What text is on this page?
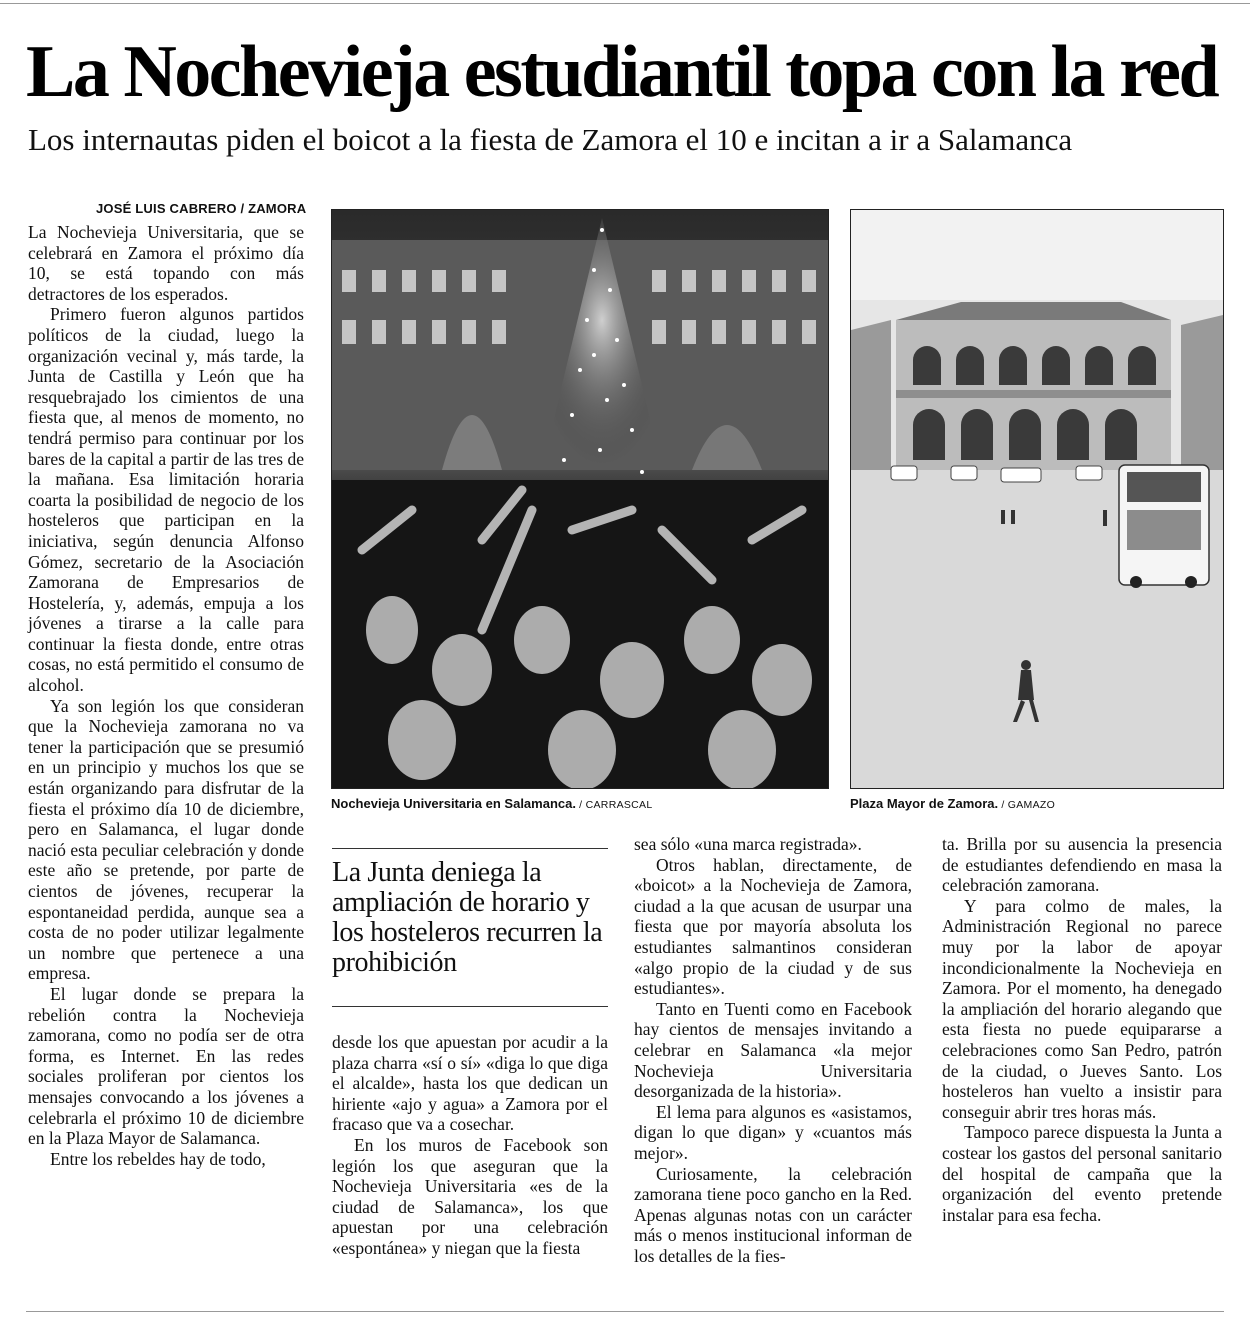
La Nochevieja estudiantil topa con la red
Los internautas piden el boicot a la fiesta de Zamora el 10 e incitan a ir a Salamanca
JOSÉ LUIS CABRERO / ZAMORA

La Nochevieja Universitaria, que se celebrará en Zamora el próximo día 10, se está topando con más detractores de los esperados.

Primero fueron algunos partidos políticos de la ciudad, luego la organización vecinal y, más tarde, la Junta de Castilla y León que ha resquebrajado los cimientos de una fiesta que, al menos de momento, no tendrá permiso para continuar por los bares de la capital a partir de las tres de la mañana. Esa limitación horaria coarta la posibilidad de negocio de los hosteleros que participan en la iniciativa, según denuncia Alfonso Gómez, secretario de la Asociación Zamorana de Empresarios de Hostelería, y, además, empuja a los jóvenes a tirarse a la calle para continuar la fiesta donde, entre otras cosas, no está permitido el consumo de alcohol.

Ya son legión los que consideran que la Nochevieja zamorana no va tener la participación que se presumió en un principio y muchos los que se están organizando para disfrutar de la fiesta el próximo día 10 de diciembre, pero en Salamanca, el lugar donde nació esta peculiar celebración y donde este año se pretende, por parte de cientos de jóvenes, recuperar la espontaneidad perdida, aunque sea a costa de no poder utilizar legalmente un nombre que pertenece a una empresa.

El lugar donde se prepara la rebelión contra la Nochevieja zamorana, como no podía ser de otra forma, es Internet. En las redes sociales proliferan por cientos los mensajes convocando a los jóvenes a celebrarla el próximo 10 de diciembre en la Plaza Mayor de Salamanca.

Entre los rebeldes hay de todo,

Nochevieja Universitaria en Salamanca. / CARRASCAL	Plaza Mayor de Zamora. / GAMAZO
La Junta deniega la ampliación de horario y los hosteleros recurren la prohibición

desde los que apuestan por acudir a la plaza charra «sí o sí» «diga lo que diga el alcalde», hasta los que dedican un hiriente «ajo y agua» a Zamora por el fracaso que va a cosechar.

En los muros de Facebook son legión los que aseguran que la Nochevieja Universitaria «es de la ciudad de Salamanca», los que apuestan por una celebración «espontánea» y niegan que la fiesta

sea sólo «una marca registrada».

Otros hablan, directamente, de «boicot» a la Nochevieja de Zamora, ciudad a la que acusan de usurpar una fiesta que por mayoría absoluta los estudiantes salmantinos consideran «algo propio de la ciudad y de sus estudiantes».

Tanto en Tuenti como en Facebook hay cientos de mensajes invitando a celebrar en Salamanca «la mejor Nochevieja Universitaria desorganizada de la historia».

El lema para algunos es «asistamos, digan lo que digan» y «cuantos más mejor».

Curiosamente, la celebración zamorana tiene poco gancho en la Red. Apenas algunas notas con un carácter más o menos institucional informan de los detalles de la fies-

ta. Brilla por su ausencia la presencia de estudiantes defendiendo en masa la celebración zamorana.

Y para colmo de males, la Administración Regional no parece muy por la labor de apoyar incondicionalmente la Nochevieja en Zamora. Por el momento, ha denegado la ampliación del horario alegando que esta fiesta no puede equipararse a celebraciones como San Pedro, patrón de la ciudad, o Jueves Santo. Los hosteleros han vuelto a insistir para conseguir abrir tres horas más.

Tampoco parece dispuesta la Junta a costear los gastos del personal sanitario del hospital de campaña que la organización del evento pretende instalar para esa fecha.
